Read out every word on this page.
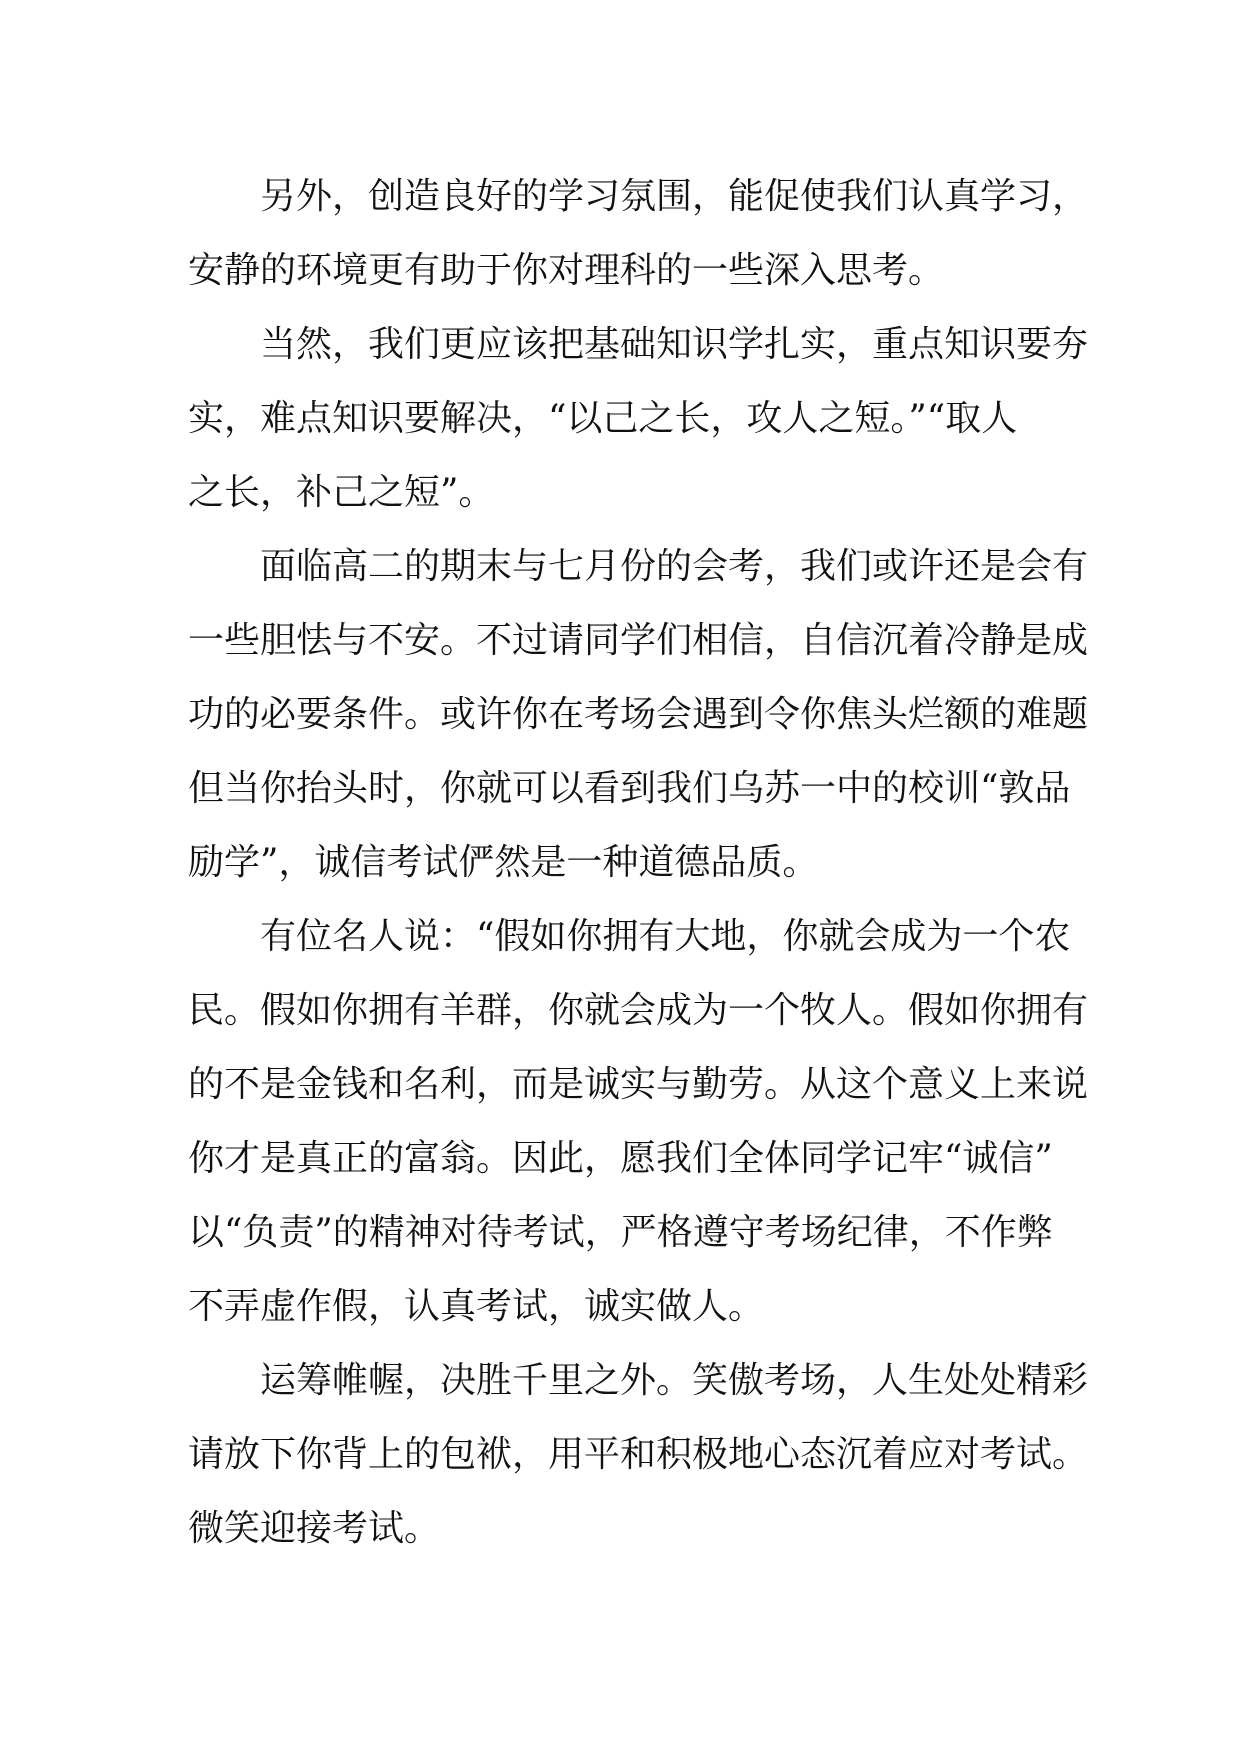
另外，创造良好的学习氛围，能促使我们认真学习，
安静的环境更有助于你对理科的一些深入思考。

当然，我们更应该把基础知识学扎实，重点知识要夯
实，难点知识要解决，“以己之长，攻人之短。”“取人
之长，补己之短”。

面临高二的期末与七月份的会考，我们或许还是会有
一些胆怯与不安。不过请同学们相信，自信沉着冷静是成
功的必要条件。或许你在考场会遇到令你焦头烂额的难题
但当你抬头时，你就可以看到我们乌苏一中的校训“敦品
励学”，诚信考试俨然是一种道德品质。

有位名人说：“假如你拥有大地，你就会成为一个农
民。假如你拥有羊群，你就会成为一个牧人。假如你拥有
的不是金钱和名利，而是诚实与勤劳。从这个意义上来说
你才是真正的富翁。因此，愿我们全体同学记牢“诚信”
以“负责”的精神对待考试，严格遵守考场纪律，不作弊
不弄虚作假，认真考试，诚实做人。

运筹帷幄，决胜千里之外。笑傲考场，人生处处精彩
请放下你背上的包袱，用平和积极地心态沉着应对考试。
微笑迎接考试。
